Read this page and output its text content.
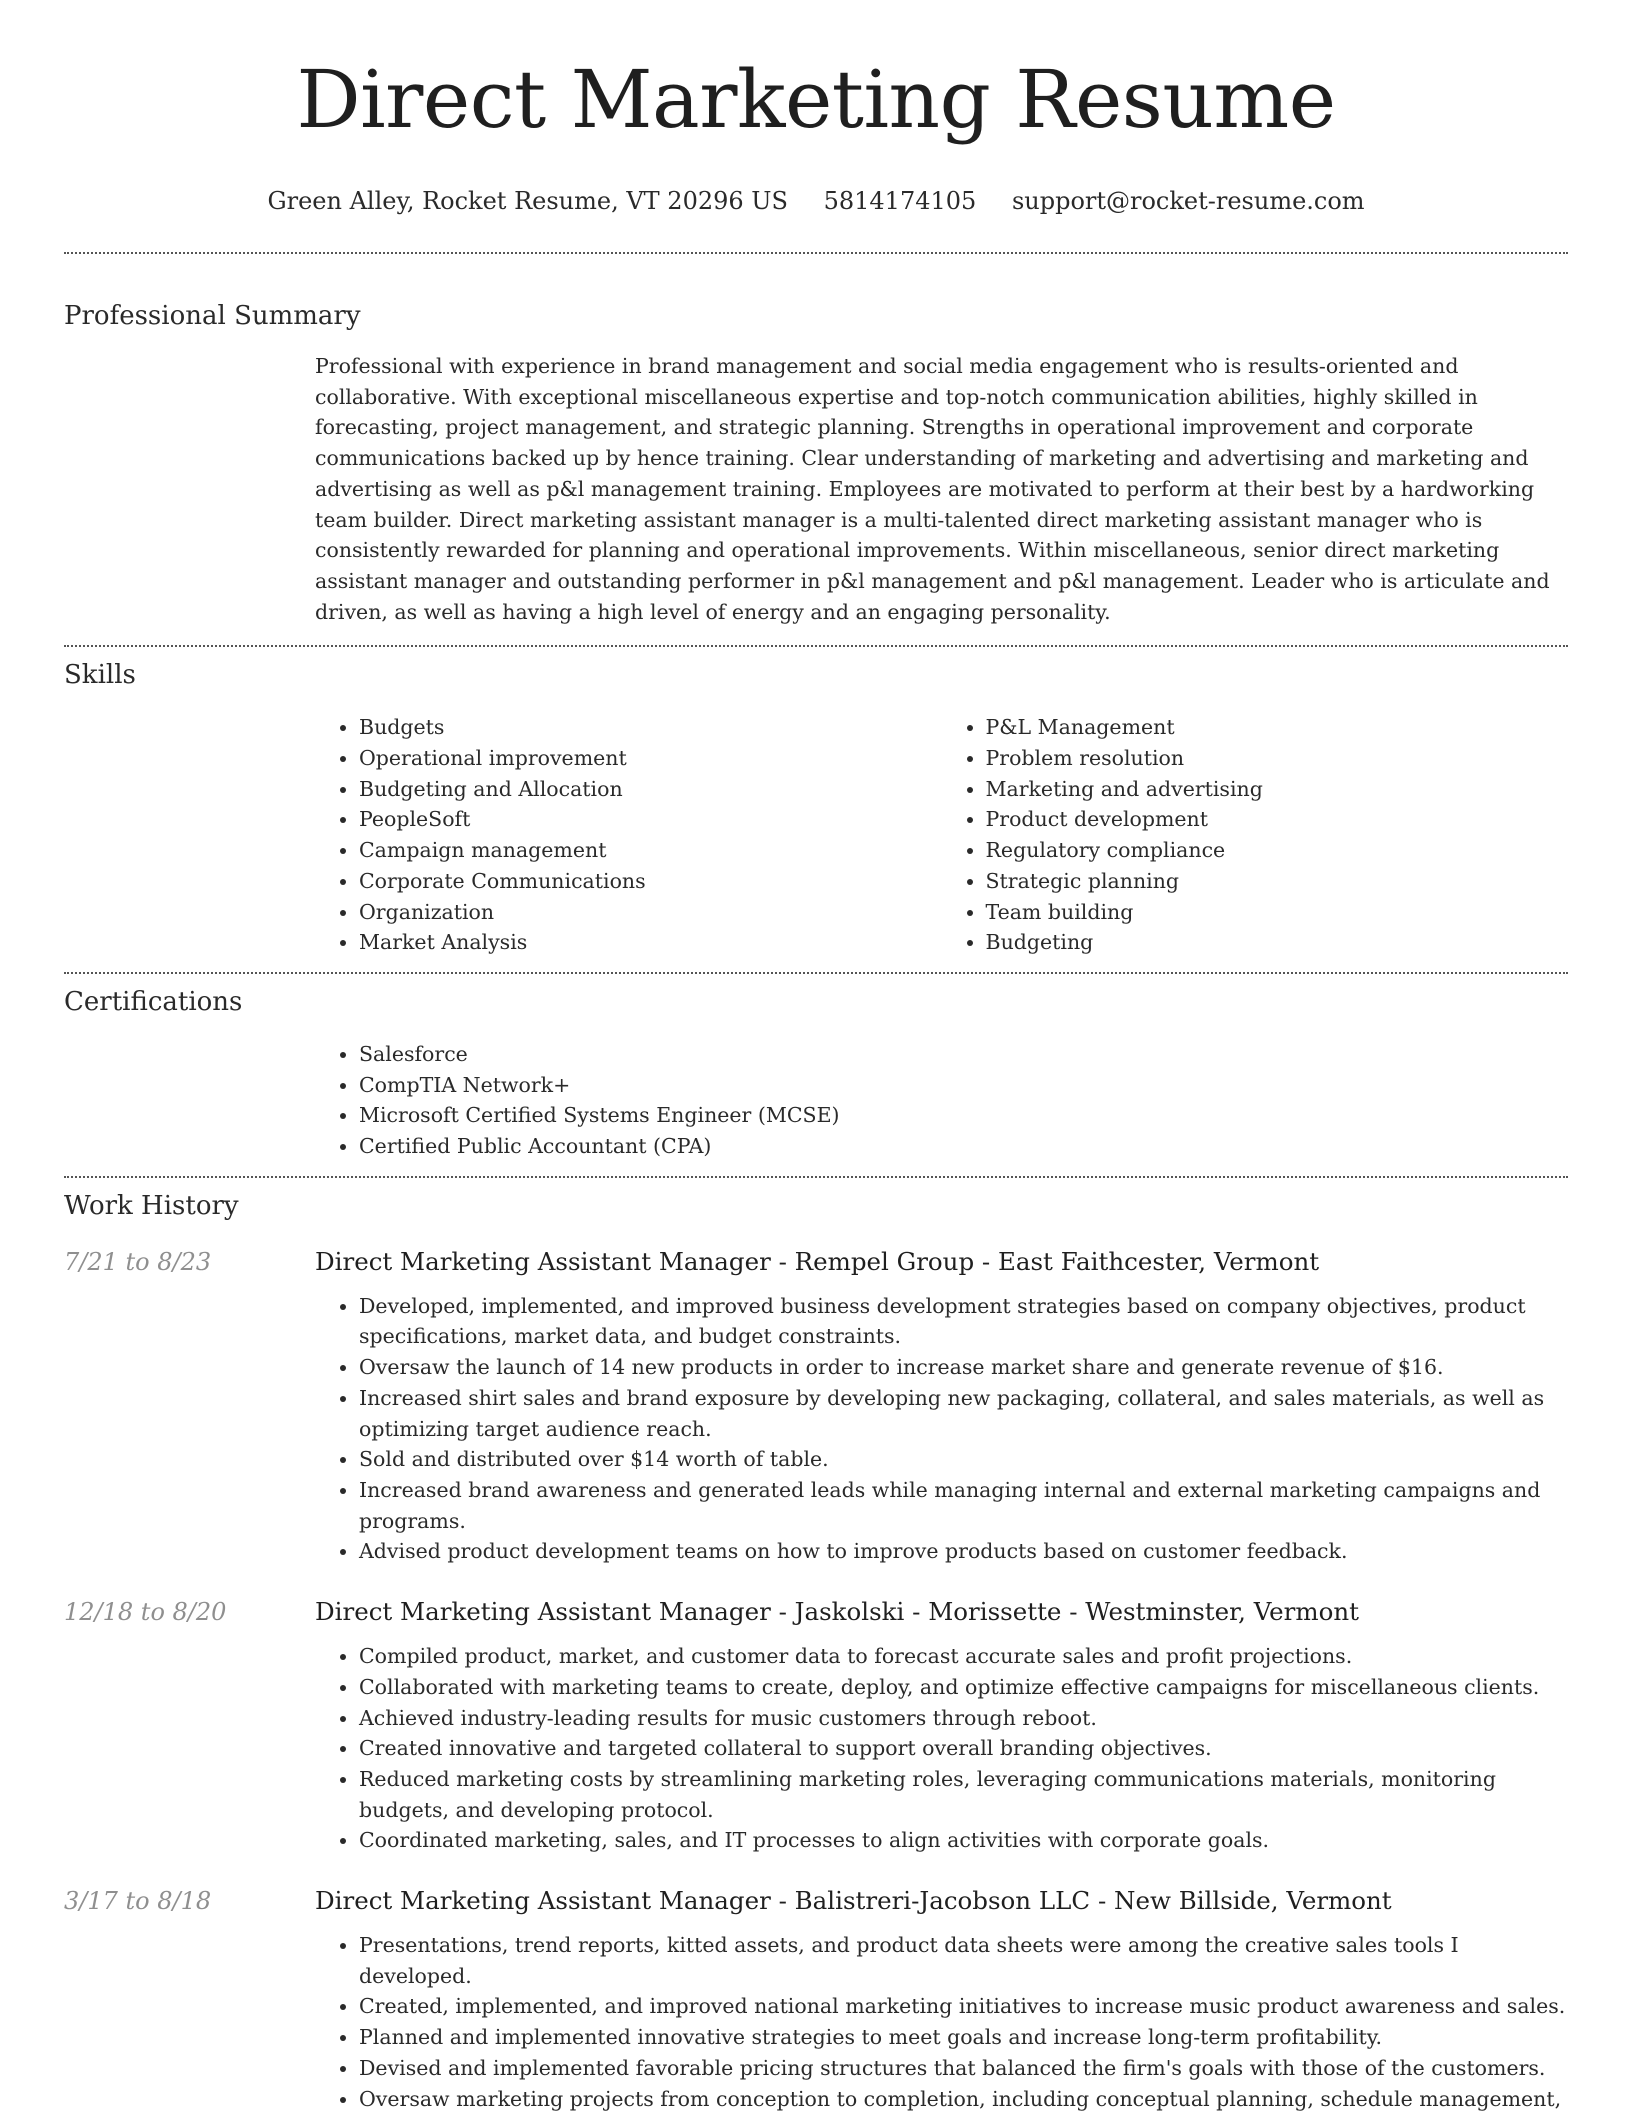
Direct Marketing Resume
Green Alley, Rocket Resume, VT 20296 US 5814174105 support@rocket-resume.com
Professional Summary

Professional with experience in brand management and social media engagement who is results-oriented and collaborative. With exceptional miscellaneous expertise and top-notch communication abilities, highly skilled in forecasting, project management, and strategic planning. Strengths in operational improvement and corporate communications backed up by hence training. Clear understanding of marketing and advertising and marketing and advertising as well as p&l management training. Employees are motivated to perform at their best by a hardworking team builder. Direct marketing assistant manager is a multi-talented direct marketing assistant manager who is consistently rewarded for planning and operational improvements. Within miscellaneous, senior direct marketing assistant manager and outstanding performer in p&l management and p&l management. Leader who is articulate and driven, as well as having a high level of energy and an engaging personality.

Skills
• Budgets
• Operational improvement
• Budgeting and Allocation
• PeopleSoft
• Campaign management
• Corporate Communications
• Organization
• Market Analysis
• P&L Management
• Problem resolution
• Marketing and advertising
• Product development
• Regulatory compliance
• Strategic planning
• Team building
• Budgeting
Certifications
• Salesforce
• CompTIA Network+
• Microsoft Certified Systems Engineer (MCSE)
• Certified Public Accountant (CPA)
Work History
7/21 to 8/23	Direct Marketing Assistant Manager - Rempel Group - East Faithcester, Vermont
• Developed, implemented, and improved business development strategies based on company objectives, product specifications, market data, and budget constraints.
• Oversaw the launch of 14 new products in order to increase market share and generate revenue of $16.
• Increased shirt sales and brand exposure by developing new packaging, collateral, and sales materials, as well as optimizing target audience reach.
• Sold and distributed over $14 worth of table.
• Increased brand awareness and generated leads while managing internal and external marketing campaigns and programs.
• Advised product development teams on how to improve products based on customer feedback.
12/18 to 8/20	Direct Marketing Assistant Manager - Jaskolski - Morissette - Westminster, Vermont
• Compiled product, market, and customer data to forecast accurate sales and profit projections.
• Collaborated with marketing teams to create, deploy, and optimize effective campaigns for miscellaneous clients.
• Achieved industry-leading results for music customers through reboot.
• Created innovative and targeted collateral to support overall branding objectives.
• Reduced marketing costs by streamlining marketing roles, leveraging communications materials, monitoring budgets, and developing protocol.
• Coordinated marketing, sales, and IT processes to align activities with corporate goals.
3/17 to 8/18	Direct Marketing Assistant Manager - Balistreri-Jacobson LLC - New Billside, Vermont
• Presentations, trend reports, kitted assets, and product data sheets were among the creative sales tools I developed.
• Created, implemented, and improved national marketing initiatives to increase music product awareness and sales.
• Planned and implemented innovative strategies to meet goals and increase long-term profitability.
• Devised and implemented favorable pricing structures that balanced the firm's goals with those of the customers.
• Oversaw marketing projects from conception to completion, including conceptual planning, schedule management,
